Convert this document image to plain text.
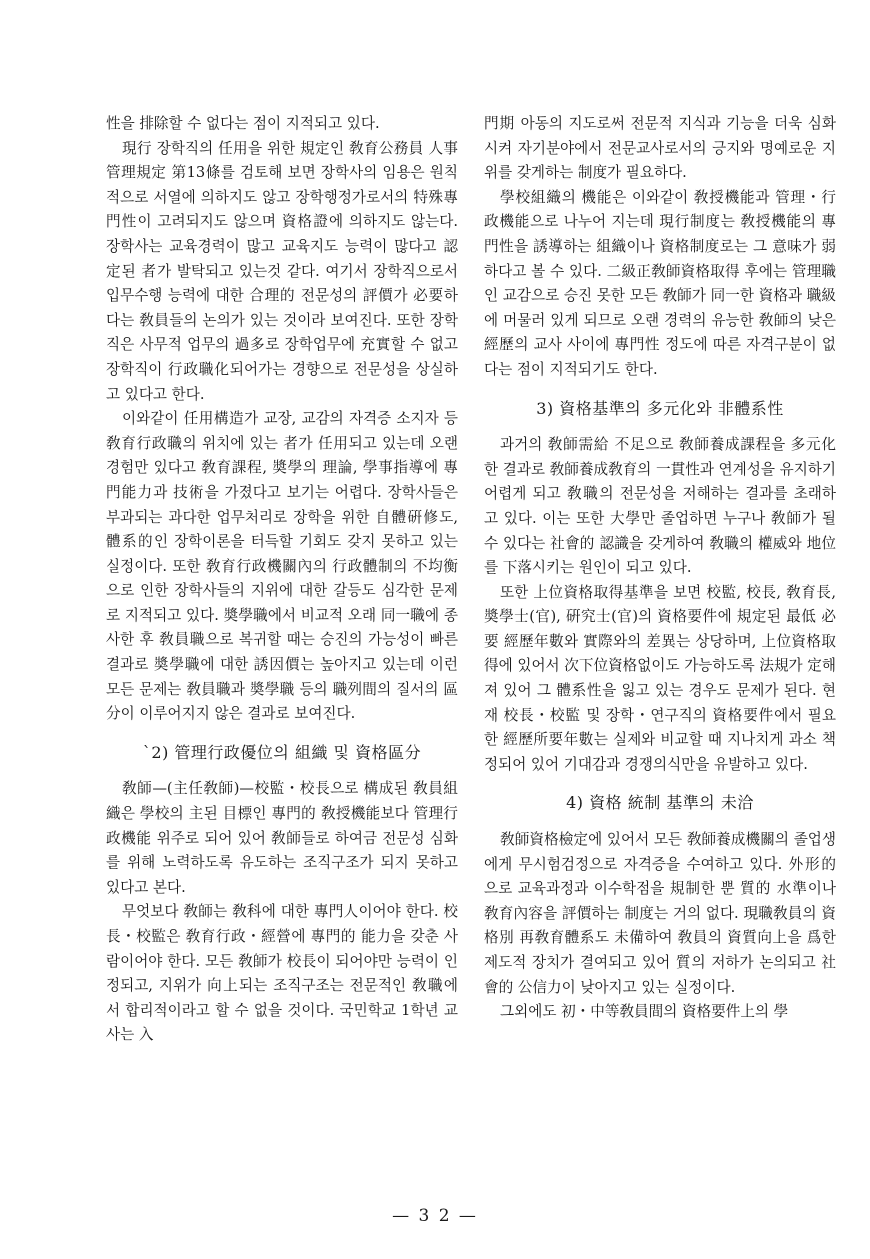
性을 排除할 수 없다는 점이 지적되고 있다.

現行 장학직의 任用을 위한 規定인 敎育公務員 人事管理規定 第13條를 검토해 보면 장학사의 임용은 원칙적으로 서열에 의하지도 않고 장학행정가로서의 特殊專門性이 고려되지도 않으며 資格證에 의하지도 않는다. 장학사는 교육경력이 많고 교육지도 능력이 많다고 認定된 者가 발탁되고 있는것 같다. 여기서 장학직으로서 입무수행 능력에 대한 合理的 전문성의 評價가 必要하다는 敎員들의 논의가 있는 것이라 보여진다. 또한 장학직은 사무적 업무의 過多로 장학업무에 充實할 수 없고 장학직이 行政職化되어가는 경향으로 전문성을 상실하고 있다고 한다.

이와같이 任用構造가 교장, 교감의 자격증 소지자 등 敎育行政職의 위치에 있는 者가 任用되고 있는데 오랜 경험만 있다고 敎育課程, 奬學의 理論, 學事指導에 專門能力과 技術을 가졌다고 보기는 어렵다. 장학사들은 부과되는 과다한 업무처리로 장학을 위한 自體硏修도, 體系的인 장학이론을 터득할 기회도 갖지 못하고 있는 실정이다. 또한 敎育行政機關內의 行政體制의 不均衡으로 인한 장학사들의 지위에 대한 갈등도 심각한 문제로 지적되고 있다. 奬學職에서 비교적 오래 同一職에 종사한 후 敎員職으로 복귀할 때는 승진의 가능성이 빠른 결과로 奬學職에 대한 誘因價는 높아지고 있는데 이런 모든 문제는 敎員職과 奬學職 등의 職列間의 질서의 區分이 이루어지지 않은 결과로 보여진다.

`2) 管理行政優位의 組織 및 資格區分

敎師—(主任敎師)—校監・校長으로 構成된 敎員組織은 學校의 主된 目標인 專門的 敎授機能보다 管理行政機能 위주로 되어 있어 敎師들로 하여금 전문성 심화를 위해 노력하도록 유도하는 조직구조가 되지 못하고 있다고 본다.

무엇보다 敎師는 敎科에 대한 專門人이어야 한다. 校長・校監은 敎育行政・經營에 專門的 能力을 갖춘 사람이어야 한다. 모든 敎師가 校長이 되어야만 능력이 인정되고, 지위가 向上되는 조직구조는 전문적인 敎職에서 합리적이라고 할 수 없을 것이다. 국민학교 1학년 교사는 入

門期 아동의 지도로써 전문적 지식과 기능을 더욱 심화시켜 자기분야에서 전문교사로서의 긍지와 명예로운 지위를 갖게하는 制度가 필요하다.

學校組織의 機能은 이와같이 敎授機能과 管理・行政機能으로 나누어 지는데 現行制度는 敎授機能의 專門性을 誘導하는 組織이나 資格制度로는 그 意味가 弱하다고 볼 수 있다. 二級正敎師資格取得 후에는 管理職인 교감으로 승진 못한 모든 敎師가 同一한 資格과 職級에 머물러 있게 되므로 오랜 경력의 유능한 敎師의 낮은 經歷의 교사 사이에 專門性 정도에 따른 자격구분이 없다는 점이 지적되기도 한다.

3) 資格基準의 多元化와 非體系性

과거의 敎師需給 不足으로 敎師養成課程을 多元化한 결과로 敎師養成敎育의 一貫性과 연계성을 유지하기 어렵게 되고 敎職의 전문성을 저해하는 결과를 초래하고 있다. 이는 또한 大學만 졸업하면 누구나 敎師가 될 수 있다는 社會的 認識을 갖게하여 敎職의 權威와 地位를 下落시키는 원인이 되고 있다.

또한 上位資格取得基準을 보면 校監, 校長, 敎育長, 奬學士(官), 硏究士(官)의 資格要件에 規定된 最低 必要 經歷年數와 實際와의 差異는 상당하며, 上位資格取得에 있어서 次下位資格없이도 가능하도록 法規가 定해져 있어 그 體系性을 잃고 있는 경우도 문제가 된다. 현재 校長・校監 및 장학・연구직의 資格要件에서 필요한 經歷所要年數는 실제와 비교할 때 지나치게 과소 책정되어 있어 기대감과 경쟁의식만을 유발하고 있다.

4) 資格 統制 基準의 未洽

敎師資格檢定에 있어서 모든 敎師養成機關의 졸업생에게 무시험검정으로 자격증을 수여하고 있다. 外形的으로 교육과정과 이수학점을 規制한 뿐 質的 水準이나 敎育內容을 評價하는 制度는 거의 없다. 現職敎員의 資格別 再敎育體系도 未備하여 敎員의 資質向上을 爲한 제도적 장치가 결여되고 있어 質의 저하가 논의되고 社會的 公信力이 낮아지고 있는 실정이다.

그외에도 初・中等敎員間의 資格要件上의 學

— 3 2 —
